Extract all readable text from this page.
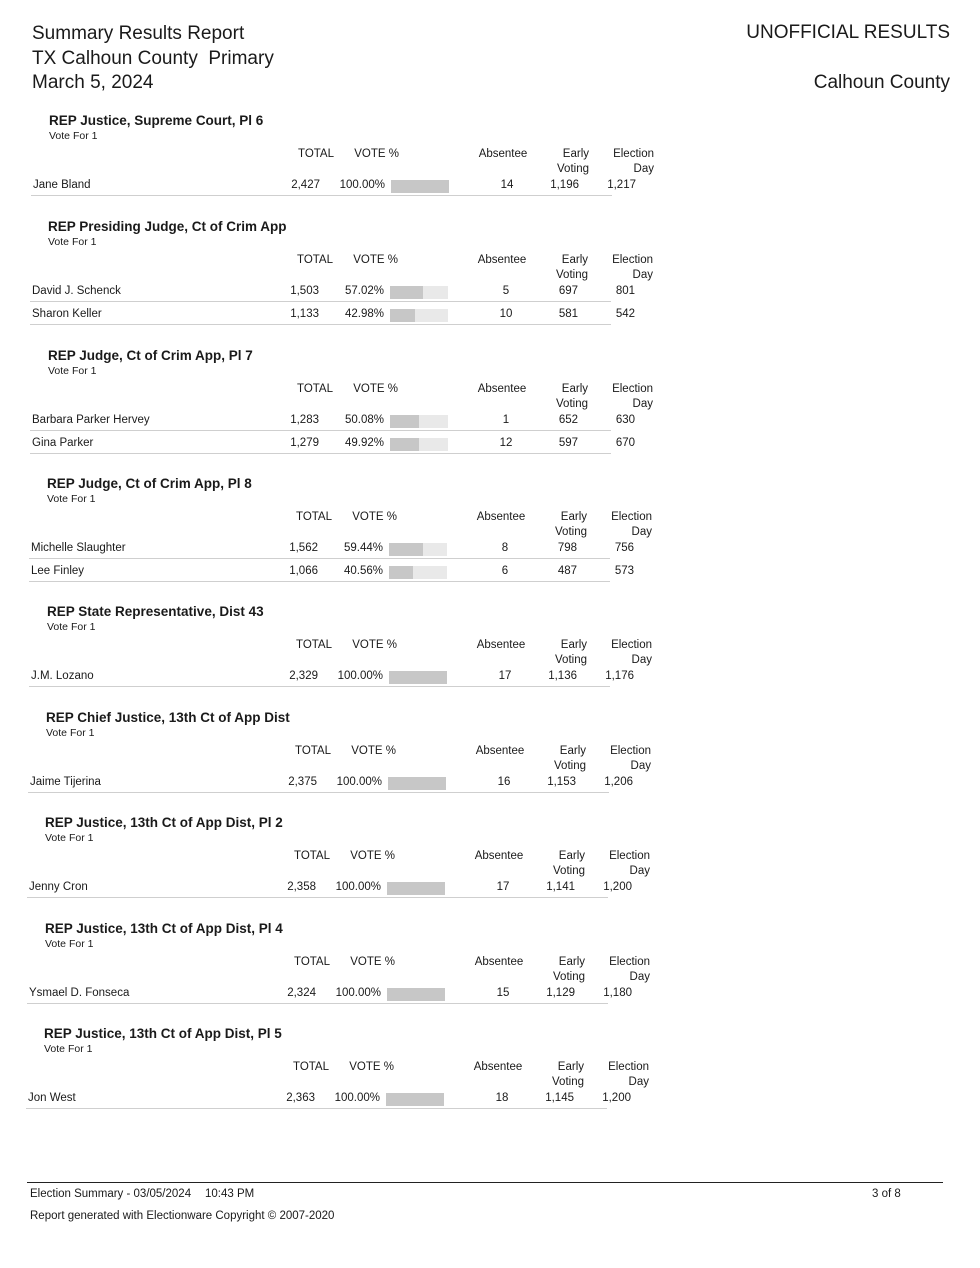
Summary Results Report
TX Calhoun County  Primary
March 5, 2024
UNOFFICIAL RESULTS
Calhoun County
REP Justice, Supreme Court, Pl 6
Vote For 1
TOTAL	VOTE %	Absentee	Early
Voting
Election
Day
Jane Bland	2,427	100.00%	14	1,196	1,217
REP Presiding Judge, Ct of Crim App
Vote For 1
TOTAL	VOTE %	Absentee	Early
Voting
Election
Day
David J. Schenck	1,503	57.02%	5	697	801
Sharon Keller	1,133	42.98%	10	581	542
REP Judge, Ct of Crim App, Pl 7
Vote For 1
TOTAL	VOTE %	Absentee	Early
Voting
Election
Day
Barbara Parker Hervey	1,283	50.08%	1	652	630
Gina Parker	1,279	49.92%	12	597	670
REP Judge, Ct of Crim App, Pl 8
Vote For 1
TOTAL	VOTE %	Absentee	Early
Voting
Election
Day
Michelle Slaughter	1,562	59.44%	8	798	756
Lee Finley	1,066	40.56%	6	487	573
REP State Representative, Dist 43
Vote For 1
TOTAL	VOTE %	Absentee	Early
Voting
Election
Day
J.M. Lozano	2,329	100.00%	17	1,136	1,176
REP Chief Justice, 13th Ct of App Dist
Vote For 1
TOTAL	VOTE %	Absentee	Early
Voting
Election
Day
Jaime Tijerina	2,375	100.00%	16	1,153	1,206
REP Justice, 13th Ct of App Dist, Pl 2
Vote For 1
TOTAL	VOTE %	Absentee	Early
Voting
Election
Day
Jenny Cron	2,358	100.00%	17	1,141	1,200
REP Justice, 13th Ct of App Dist, Pl 4
Vote For 1
TOTAL	VOTE %	Absentee	Early
Voting
Election
Day
Ysmael D. Fonseca	2,324	100.00%	15	1,129	1,180
REP Justice, 13th Ct of App Dist, Pl 5
Vote For 1
TOTAL	VOTE %	Absentee	Early
Voting
Election
Day
Jon West	2,363	100.00%	18	1,145	1,200
Election Summary - 03/05/2024 10:43 PM	3 of 8
Report generated with Electionware Copyright © 2007-2020
